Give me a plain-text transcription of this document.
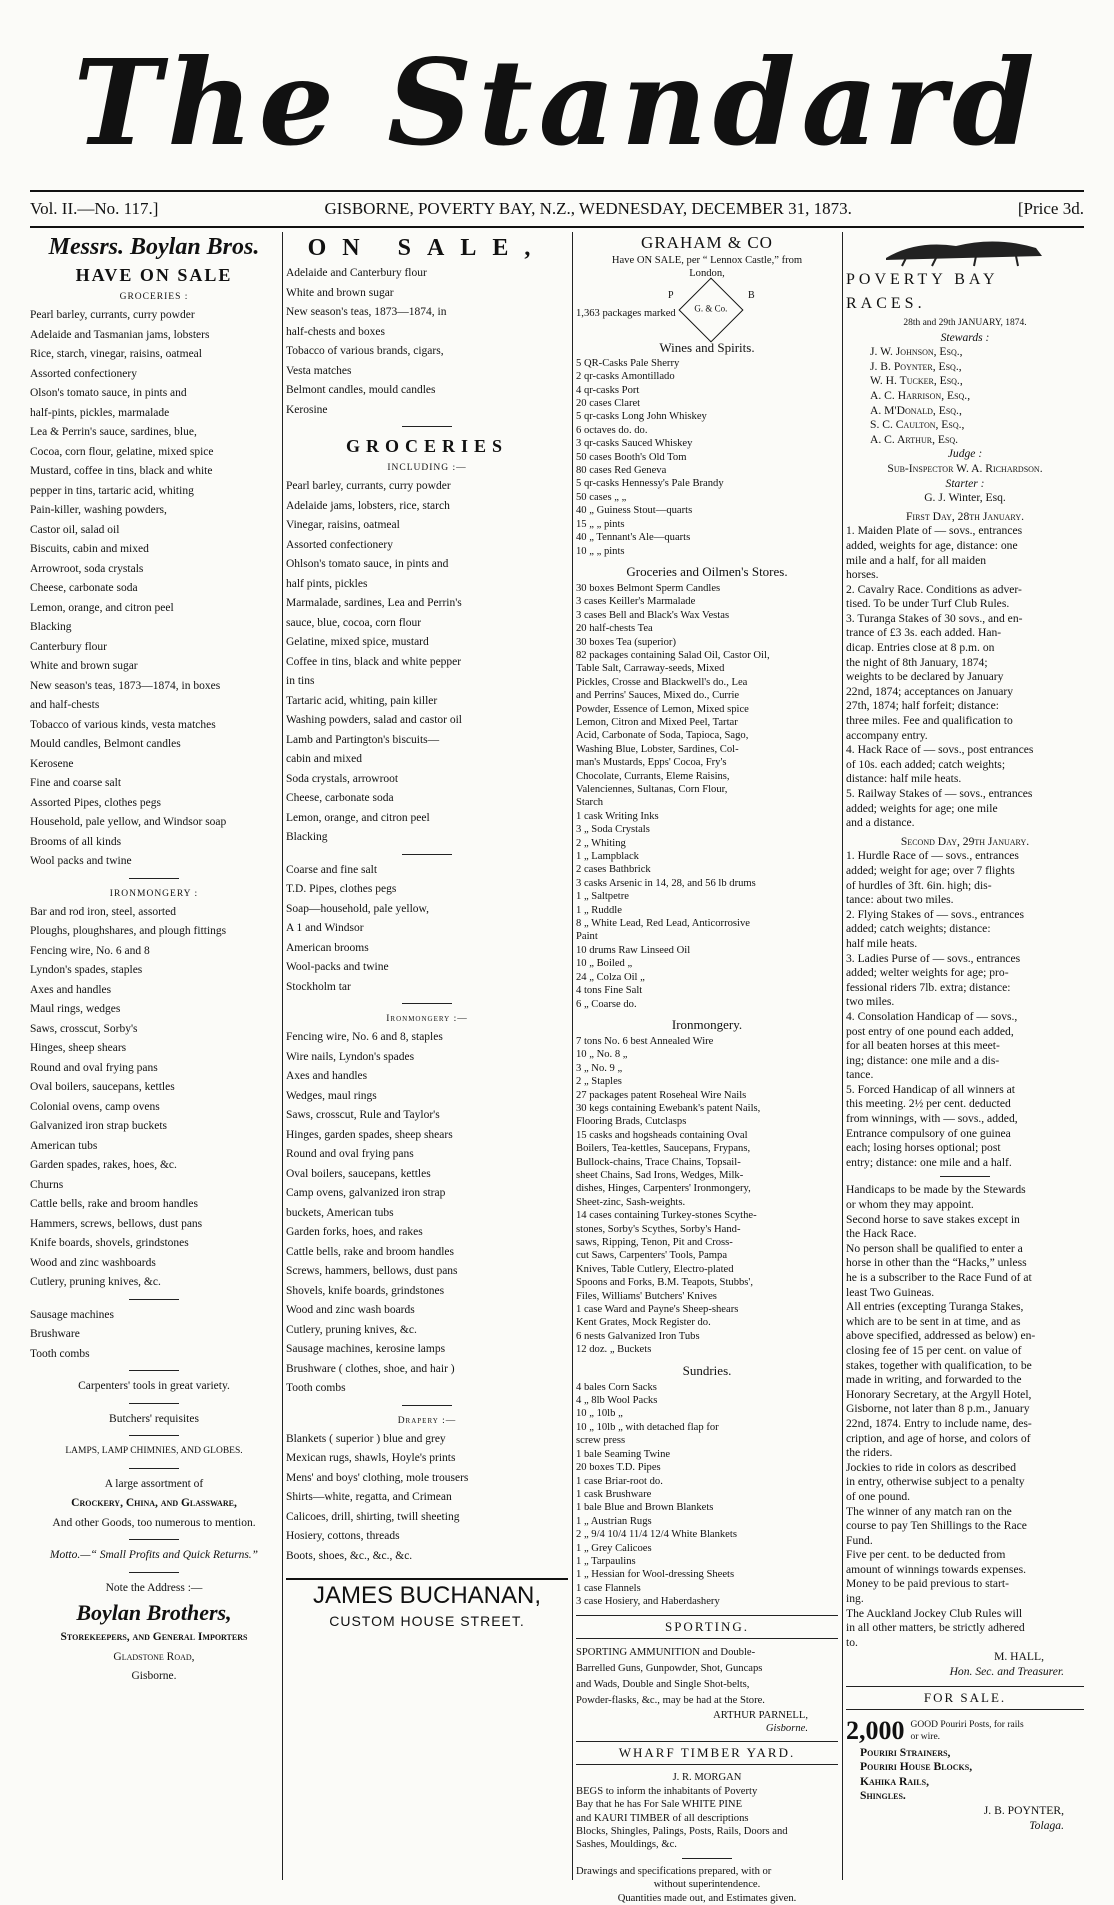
The Standard
Vol. II.—No. 117.]	GISBORNE, POVERTY BAY, N.Z., WEDNESDAY, DECEMBER 31, 1873.	[Price 3d.
Messrs. Boylan Bros.
HAVE ON SALE
GROCERIES :
Pearl barley, currants, curry powder
Adelaide and Tasmanian jams, lobsters
Rice, starch, vinegar, raisins, oatmeal
Assorted confectionery
Olson's tomato sauce, in pints and
half-pints, pickles, marmalade
Lea & Perrin's sauce, sardines, blue,
Cocoa, corn flour, gelatine, mixed spice
Mustard, coffee in tins, black and white
pepper in tins, tartaric acid, whiting
Pain-killer, washing powders,
Castor oil, salad oil
Biscuits, cabin and mixed
Arrowroot, soda crystals
Cheese, carbonate soda
Lemon, orange, and citron peel
Blacking
Canterbury flour
White and brown sugar
New season's teas, 1873—1874, in boxes
and half-chests
Tobacco of various kinds, vesta matches
Mould candles, Belmont candles
Kerosene
Fine and coarse salt
Assorted Pipes, clothes pegs
Household, pale yellow, and Windsor soap
Brooms of all kinds
Wool packs and twine
IRONMONGERY :
Bar and rod iron, steel, assorted
Ploughs, ploughshares, and plough fittings
Fencing wire, No. 6 and 8
Lyndon's spades, staples
Axes and handles
Maul rings, wedges
Saws, crosscut, Sorby's
Hinges, sheep shears
Round and oval frying pans
Oval boilers, saucepans, kettles
Colonial ovens, camp ovens
Galvanized iron strap buckets
American tubs
Garden spades, rakes, hoes, &c.
Churns
Cattle bells, rake and broom handles
Hammers, screws, bellows, dust pans
Knife boards, shovels, grindstones
Wood and zinc washboards
Cutlery, pruning knives, &c.
Sausage machines
Brushware
Tooth combs
Carpenters' tools in great variety.
Butchers' requisites
LAMPS, LAMP CHIMNIES, AND GLOBES.
A large assortment of
Crockery, China, and Glassware,
And other Goods, too numerous to mention.
Motto.—“ Small Profits and Quick Returns.”
Note the Address :—
Boylan Brothers,
Storekeepers, and General Importers
Gladstone Road,
Gisborne.
ON SALE,
Adelaide and Canterbury flour
White and brown sugar
New season's teas, 1873—1874, in
half-chests and boxes
Tobacco of various brands, cigars,
Vesta matches
Belmont candles, mould candles
Kerosine
GROCERIES
INCLUDING :—
Pearl barley, currants, curry powder
Adelaide jams, lobsters, rice, starch
Vinegar, raisins, oatmeal
Assorted confectionery
Ohlson's tomato sauce, in pints and
half pints, pickles
Marmalade, sardines, Lea and Perrin's
sauce, blue, cocoa, corn flour
Gelatine, mixed spice, mustard
Coffee in tins, black and white pepper
in tins
Tartaric acid, whiting, pain killer
Washing powders, salad and castor oil
Lamb and Partington's biscuits—
cabin and mixed
Soda crystals, arrowroot
Cheese, carbonate soda
Lemon, orange, and citron peel
Blacking
Coarse and fine salt
T.D. Pipes, clothes pegs
Soap—household, pale yellow,
A 1 and Windsor
American brooms
Wool-packs and twine
Stockholm tar
Ironmongery :—
Fencing wire, No. 6 and 8, staples
Wire nails, Lyndon's spades
Axes and handles
Wedges, maul rings
Saws, crosscut, Rule and Taylor's
Hinges, garden spades, sheep shears
Round and oval frying pans
Oval boilers, saucepans, kettles
Camp ovens, galvanized iron strap
buckets, American tubs
Garden forks, hoes, and rakes
Cattle bells, rake and broom handles
Screws, hammers, bellows, dust pans
Shovels, knife boards, grindstones
Wood and zinc wash boards
Cutlery, pruning knives, &c.
Sausage machines, kerosine lamps
Brushware ( clothes, shoe, and hair )
Tooth combs
Drapery :—
Blankets ( superior ) blue and grey
Mexican rugs, shawls, Hoyle's prints
Mens' and boys' clothing, mole trousers
Shirts—white, regatta, and Crimean
Calicoes, drill, shirting, twill sheeting
Hosiery, cottons, threads
Boots, shoes, &c., &c., &c.
JAMES BUCHANAN,
CUSTOM HOUSE STREET.
GRAHAM & CO
Have ON SALE, per “ Lennox Castle,” from
London,
P	B
1,363 packages marked G. & Co.
Wines and Spirits.
5 QR-Casks Pale Sherry
2 qr-casks Amontillado
4 qr-casks Port
20 cases Claret
5 qr-casks Long John Whiskey
6 octaves do. do.
3 qr-casks Sauced Whiskey
50 cases Booth's Old Tom
80 cases Red Geneva
5 qr-casks Hennessy's Pale Brandy
50 cases „ „
40 „ Guiness Stout—quarts
15 „ „ pints
40 „ Tennant's Ale—quarts
10 „ „ pints
Groceries and Oilmen's Stores.
30 boxes Belmont Sperm Candles
3 cases Keiller's Marmalade
3 cases Bell and Black's Wax Vestas
20 half-chests Tea
30 boxes Tea (superior)
82 packages containing Salad Oil, Castor Oil,
Table Salt, Carraway-seeds, Mixed
Pickles, Crosse and Blackwell's do., Lea
and Perrins' Sauces, Mixed do., Currie
Powder, Essence of Lemon, Mixed spice
Lemon, Citron and Mixed Peel, Tartar
Acid, Carbonate of Soda, Tapioca, Sago,
Washing Blue, Lobster, Sardines, Col-
man's Mustards, Epps' Cocoa, Fry's
Chocolate, Currants, Eleme Raisins,
Valenciennes, Sultanas, Corn Flour,
Starch
1 cask Writing Inks
3 „ Soda Crystals
2 „ Whiting
1 „ Lampblack
2 cases Bathbrick
3 casks Arsenic in 14, 28, and 56 lb drums
1 „ Saltpetre
1 „ Ruddle
8 „ White Lead, Red Lead, Anticorrosive
Paint
10 drums Raw Linseed Oil
10 „ Boiled „
24 „ Colza Oil „
4 tons Fine Salt
6 „ Coarse do.
Ironmongery.
7 tons No. 6 best Annealed Wire
10 „ No. 8 „
3 „ No. 9 „
2 „ Staples
27 packages patent Roseheal Wire Nails
30 kegs containing Ewebank's patent Nails,
Flooring Brads, Cutclasps
15 casks and hogsheads containing Oval
Boilers, Tea-kettles, Saucepans, Frypans,
Bullock-chains, Trace Chains, Topsail-
sheet Chains, Sad Irons, Wedges, Milk-
dishes, Hinges, Carpenters' Ironmongery,
Sheet-zinc, Sash-weights.
14 cases containing Turkey-stones Scythe-
stones, Sorby's Scythes, Sorby's Hand-
saws, Ripping, Tenon, Pit and Cross-
cut Saws, Carpenters' Tools, Pampa
Knives, Table Cutlery, Electro-plated
Spoons and Forks, B.M. Teapots, Stubbs',
Files, Williams' Butchers' Knives
1 case Ward and Payne's Sheep-shears
Kent Grates, Mock Register do.
6 nests Galvanized Iron Tubs
12 doz. „ Buckets
Sundries.
4 bales Corn Sacks
4 „ 8lb Wool Packs
10 „ 10lb „
10 „ 10lb „ with detached flap for
screw press
1 bale Seaming Twine
20 boxes T.D. Pipes
1 case Briar-root do.
1 cask Brushware
1 bale Blue and Brown Blankets
1 „ Austrian Rugs
2 „ 9/4 10/4 11/4 12/4 White Blankets
1 „ Grey Calicoes
1 „ Tarpaulins
1 „ Hessian for Wool-dressing Sheets
1 case Flannels
3 case Hosiery, and Haberdashery
SPORTING.
SPORTING AMMUNITION and Double-
Barrelled Guns, Gunpowder, Shot, Guncaps
and Wads, Double and Single Shot-belts,
Powder-flasks, &c., may be had at the Store.
ARTHUR PARNELL,
Gisborne.
WHARF TIMBER YARD.
J. R. MORGAN
BEGS to inform the inhabitants of Poverty
Bay that he has For Sale WHITE PINE
and KAURI TIMBER of all descriptions
Blocks, Shingles, Palings, Posts, Rails, Doors and
Sashes, Mouldings, &c.
Drawings and specifications prepared, with or
without superintendence.
Quantities made out, and Estimates given.
POVERTY BAY RACES.
28th and 29th JANUARY, 1874.
Stewards :
J. W. Johnson, Esq.,
J. B. Poynter, Esq.,
W. H. Tucker, Esq.,
A. C. Harrison, Esq.,
A. M'Donald, Esq.,
S. C. Caulton, Esq.,
A. C. Arthur, Esq.
Judge :
Sub-Inspector W. A. Richardson.
Starter :
G. J. Winter, Esq.
First Day, 28th January.
1. Maiden Plate of — sovs., entrances
added, weights for age, distance: one
mile and a half, for all maiden
horses.
2. Cavalry Race. Conditions as adver-
tised. To be under Turf Club Rules.
3. Turanga Stakes of 30 sovs., and en-
trance of £3 3s. each added. Han-
dicap. Entries close at 8 p.m. on
the night of 8th January, 1874;
weights to be declared by January
22nd, 1874; acceptances on January
27th, 1874; half forfeit; distance:
three miles. Fee and qualification to
accompany entry.
4. Hack Race of — sovs., post entrances
of 10s. each added; catch weights;
distance: half mile heats.
5. Railway Stakes of — sovs., entrances
added; weights for age; one mile
and a distance.
Second Day, 29th January.
1. Hurdle Race of — sovs., entrances
added; weight for age; over 7 flights
of hurdles of 3ft. 6in. high; dis-
tance: about two miles.
2. Flying Stakes of — sovs., entrances
added; catch weights; distance:
half mile heats.
3. Ladies Purse of — sovs., entrances
added; welter weights for age; pro-
fessional riders 7lb. extra; distance:
two miles.
4. Consolation Handicap of — sovs.,
post entry of one pound each added,
for all beaten horses at this meet-
ing; distance: one mile and a dis-
tance.
5. Forced Handicap of all winners at
this meeting. 2½ per cent. deducted
from winnings, with — sovs., added,
Entrance compulsory of one guinea
each; losing horses optional; post
entry; distance: one mile and a half.
Handicaps to be made by the Stewards
or whom they may appoint.
Second horse to save stakes except in
the Hack Race.
No person shall be qualified to enter a
horse in other than the “Hacks,” unless
he is a subscriber to the Race Fund of at
least Two Guineas.
All entries (excepting Turanga Stakes,
which are to be sent in at time, and as
above specified, addressed as below) en-
closing fee of 15 per cent. on value of
stakes, together with qualification, to be
made in writing, and forwarded to the
Honorary Secretary, at the Argyll Hotel,
Gisborne, not later than 8 p.m., January
22nd, 1874. Entry to include name, des-
cription, and age of horse, and colors of
the riders.
Jockies to ride in colors as described
in entry, otherwise subject to a penalty
of one pound.
The winner of any match ran on the
course to pay Ten Shillings to the Race
Fund.
Five per cent. to be deducted from
amount of winnings towards expenses.
Money to be paid previous to start-
ing.
The Auckland Jockey Club Rules will
in all other matters, be strictly adhered
to.
M. HALL,
Hon. Sec. and Treasurer.
FOR SALE.
2,000 GOOD Pouriri Posts, for rails
or wire.
Pouriri Strainers,
Pouriri House Blocks,
Kahika Rails,
Shingles.
J. B. POYNTER,
Tolaga.
